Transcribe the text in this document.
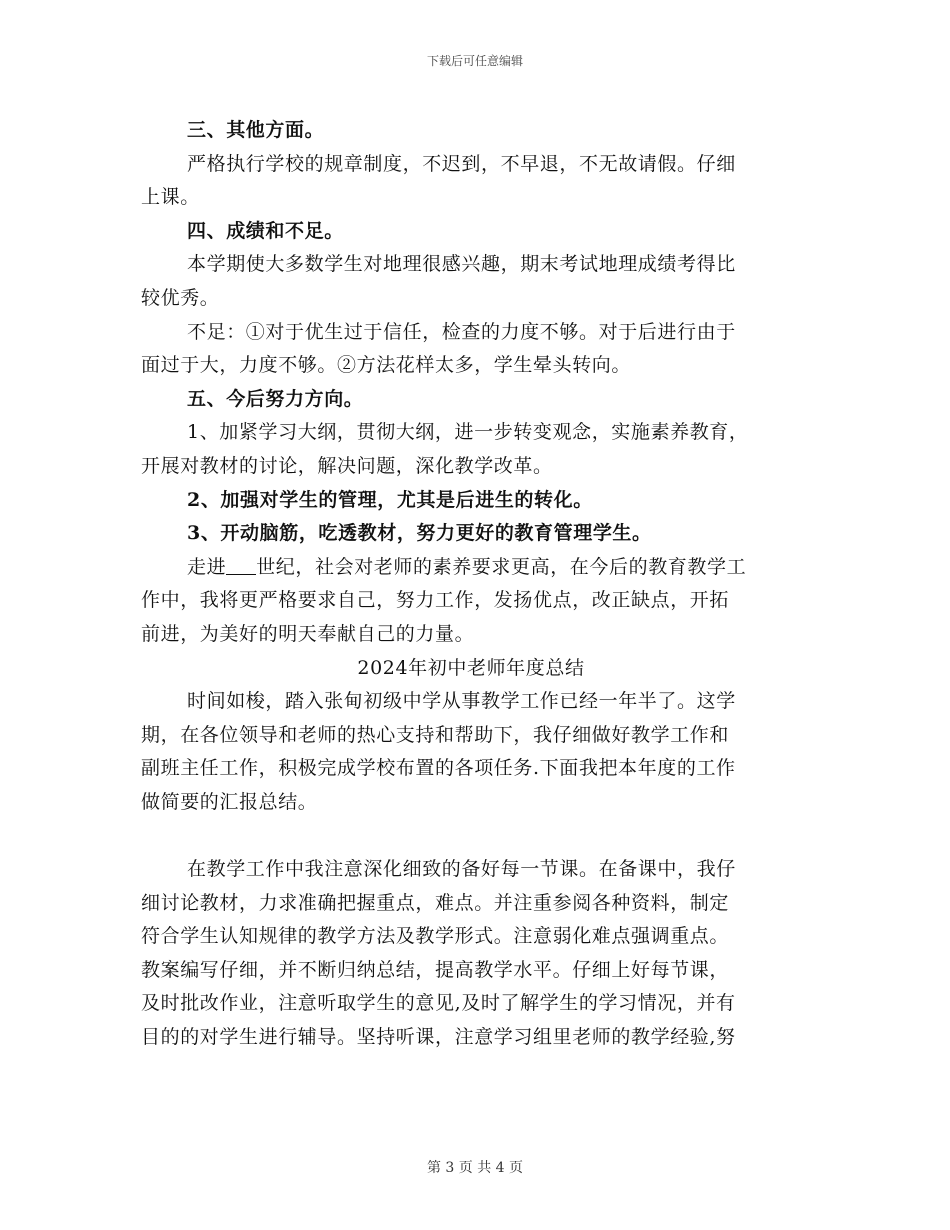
下载后可任意编辑
三、其他方面。
严格执行学校的规章制度，不迟到，不早退，不无故请假。仔细
上课。
四、成绩和不足。
本学期使大多数学生对地理很感兴趣，期末考试地理成绩考得比
较优秀。
不足：①对于优生过于信任，检查的力度不够。对于后进行由于
面过于大，力度不够。②方法花样太多，学生晕头转向。
五、今后努力方向。
1、加紧学习大纲，贯彻大纲，进一步转变观念，实施素养教育，
开展对教材的讨论，解决问题，深化教学改革。
2、加强对学生的管理，尤其是后进生的转化。
3、开动脑筋，吃透教材，努力更好的教育管理学生。
走进 世纪，社会对老师的素养要求更高，在今后的教育教学工
作中，我将更严格要求自己，努力工作，发扬优点，改正缺点，开拓
前进，为美好的明天奉献自己的力量。
2024年初中老师年度总结
时间如梭，踏入张甸初级中学从事教学工作已经一年半了。这学
期，在各位领导和老师的热心支持和帮助下，我仔细做好教学工作和
副班主任工作，积极完成学校布置的各项任务.下面我把本年度的工作
做简要的汇报总结。
在教学工作中我注意深化细致的备好每一节课。在备课中，我仔
细讨论教材，力求准确把握重点，难点。并注重参阅各种资料，制定
符合学生认知规律的教学方法及教学形式。注意弱化难点强调重点。
教案编写仔细，并不断归纳总结，提高教学水平。仔细上好每节课，
及时批改作业，注意听取学生的意见,及时了解学生的学习情况，并有
目的的对学生进行辅导。坚持听课，注意学习组里老师的教学经验,努
第 3 页 共 4 页
